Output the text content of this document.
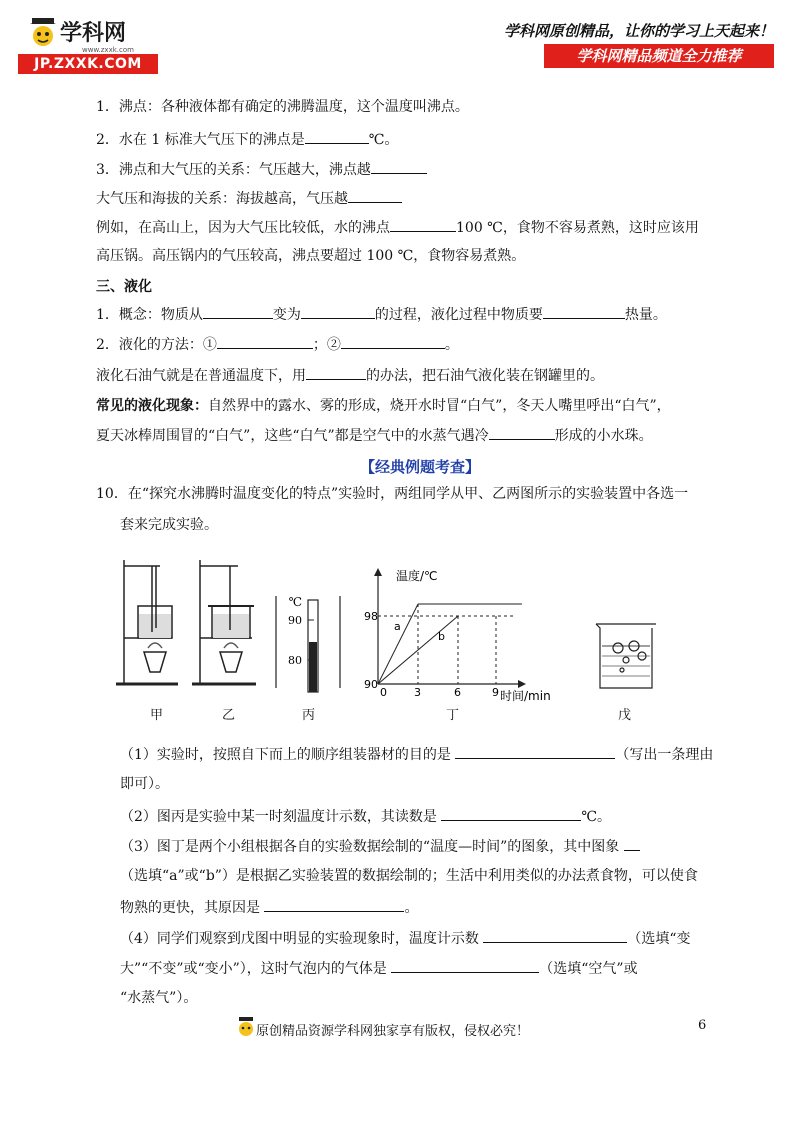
学科网
www.zxxk.com
JP.ZXXK.COM
学科网原创精品，让你的学习上天起来！
学科网精品频道全力推荐
1．沸点：各种液体都有确定的沸腾温度，这个温度叫沸点。
2．水在 1 标准大气压下的沸点是	℃。
3．沸点和大气压的关系：气压越大，沸点越
大气压和海拔的关系：海拔越高，气压越
例如，在高山上，因为大气压比较低，水的沸点	100 ℃，食物不容易煮熟，这时应该用
高压锅。高压锅内的气压较高，沸点要超过 100 ℃，食物容易煮熟。
三、液化
1．概念：物质从	变为	的过程，液化过程中物质要	热量。
2．液化的方法：①	；②	。
液化石油气就是在普通温度下，用	的办法，把石油气液化装在钢罐里的。
常见的液化现象：自然界中的露水、雾的形成，烧开水时冒“白气”，冬天人嘴里呼出“白气”，
夏天冰棒周围冒的“白气”，这些“白气”都是空气中的水蒸气遇冷	形成的小水珠。
【经典例题考查】
10．在“探究水沸腾时温度变化的特点”实验时，两组同学从甲、乙两图所示的实验装置中各选一
套来完成实验。
℃
90
80
温度/℃
时间/min
98
90
0 3	6	9
a
b
甲	乙	丙	丁	戊
（1）实验时，按照自下而上的顺序组装器材的目的是	（写出一条理由
即可）。
（2）图丙是实验中某一时刻温度计示数，其读数是	℃。
（3）图丁是两个小组根据各自的实验数据绘制的“温度—时间”的图象，其中图象
（选填“a”或“b”）是根据乙实验装置的数据绘制的；生活中利用类似的办法煮食物，可以使食
物熟的更快，其原因是	。
（4）同学们观察到戊图中明显的实验现象时，温度计示数	（选填“变
大”“不变”或“变小”），这时气泡内的气体是	（选填“空气”或
“水蒸气”）。
6
原创精品资源学科网独家享有版权，侵权必究！
